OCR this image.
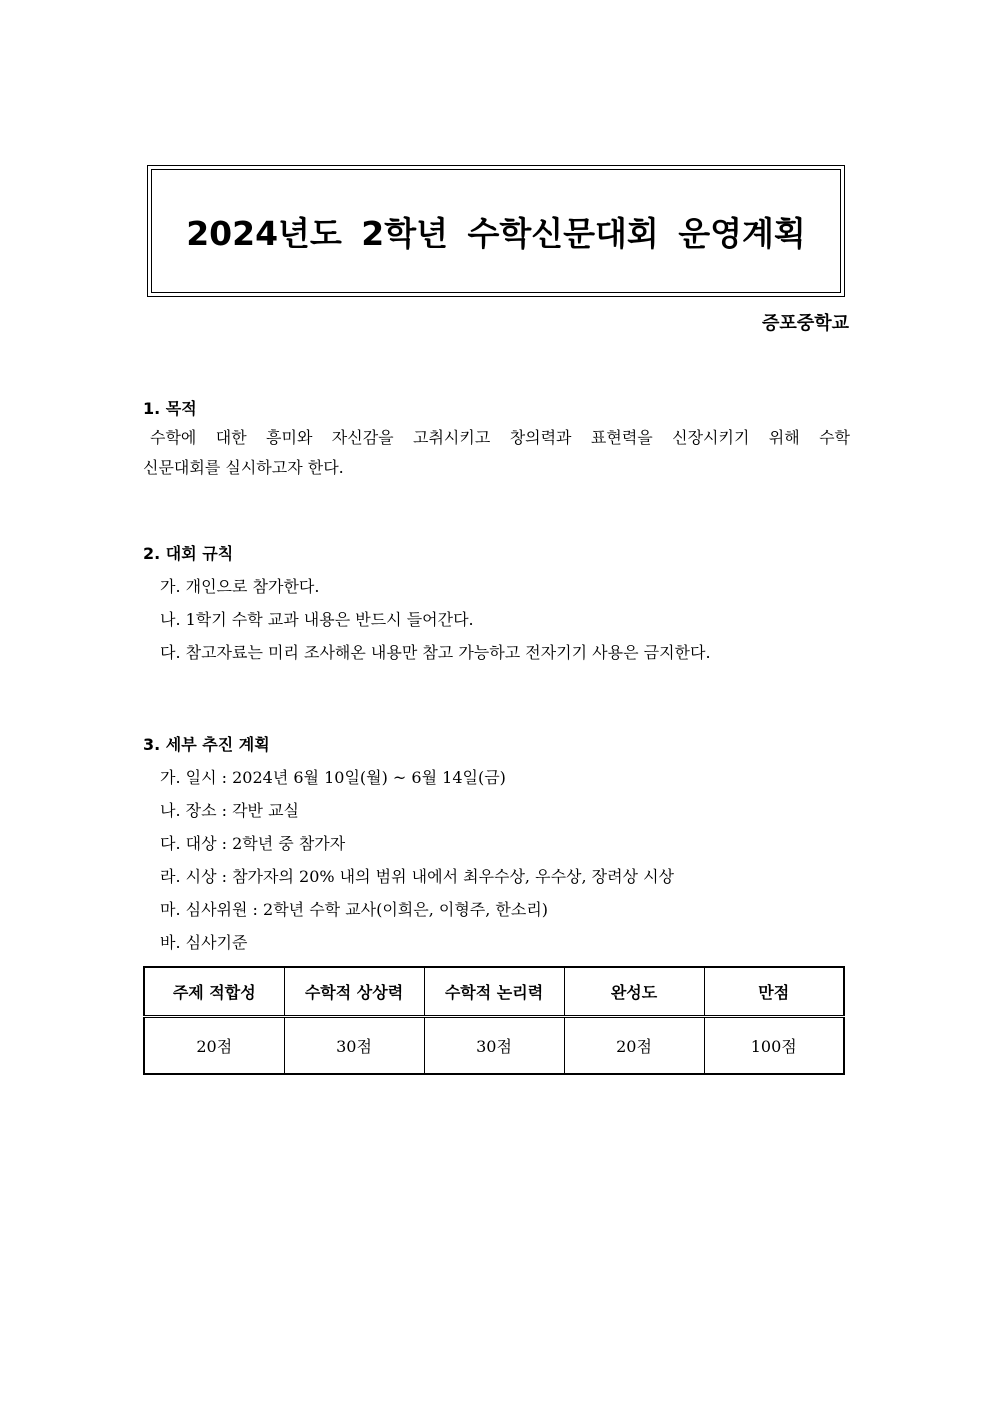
2024년도 2학년 수학신문대회 운영계획
증포중학교
1. 목적
수학에 대한 흥미와 자신감을 고취시키고 창의력과 표현력을 신장시키기 위해 수학
신문대회를 실시하고자 한다.
2. 대회 규칙
가. 개인으로 참가한다.
나. 1학기 수학 교과 내용은 반드시 들어간다.
다. 참고자료는 미리 조사해온 내용만 참고 가능하고 전자기기 사용은 금지한다.
3. 세부 추진 계획
가. 일시 : 2024년 6월 10일(월) ~ 6월 14일(금)
나. 장소 : 각반 교실
다. 대상 : 2학년 중 참가자
라. 시상 : 참가자의 20% 내의 범위 내에서 최우수상, 우수상, 장려상 시상
마. 심사위원 : 2학년 수학 교사(이희은, 이형주, 한소리)
바. 심사기준
주제 적합성	수학적 상상력	수학적 논리력	완성도	만점
20점	30점	30점	20점	100점
